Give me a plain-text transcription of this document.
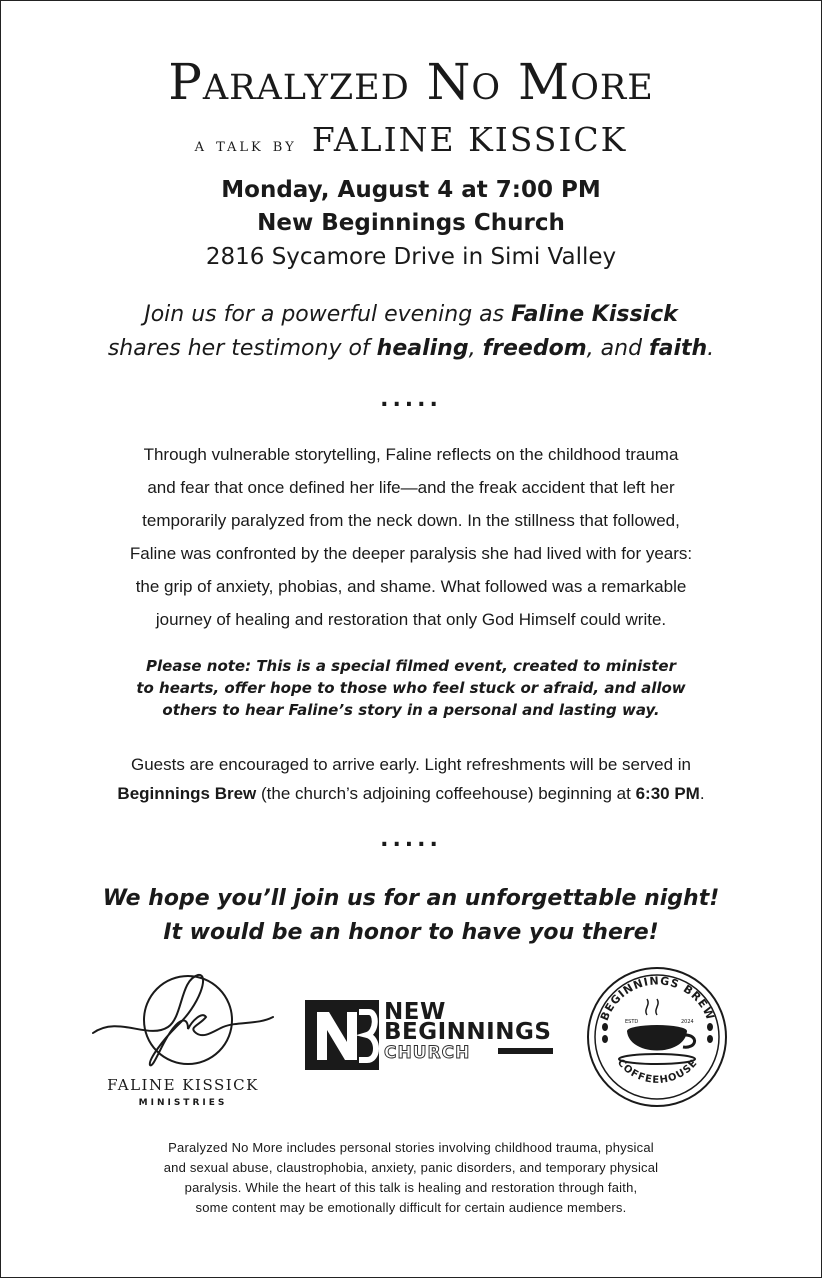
Paralyzed No More
a talk by FALINE KISSICK
Monday, August 4 at 7:00 PM
New Beginnings Church
2816 Sycamore Drive in Simi Valley
Join us for a powerful evening as Faline Kissick
shares her testimony of healing, freedom, and faith.
.....
Through vulnerable storytelling, Faline reflects on the childhood trauma
and fear that once defined her life—and the freak accident that left her
temporarily paralyzed from the neck down. In the stillness that followed,
Faline was confronted by the deeper paralysis she had lived with for years:
the grip of anxiety, phobias, and shame. What followed was a remarkable
journey of healing and restoration that only God Himself could write.
Please note: This is a special filmed event, created to minister
to hearts, offer hope to those who feel stuck or afraid, and allow
others to hear Faline’s story in a personal and lasting way.
Guests are encouraged to arrive early. Light refreshments will be served in
Beginnings Brew (the church’s adjoining coffeehouse) beginning at 6:30 PM.
.....
We hope you’ll join us for an unforgettable night!
It would be an honor to have you there!
FALINE KISSICK
MINISTRIES
NEW
BEGINNINGS
CHURCH
BEGINNINGS BREW
COFFEEHOUSE
ESTD	2024
Paralyzed No More includes personal stories involving childhood trauma, physical
and sexual abuse, claustrophobia, anxiety, panic disorders, and temporary physical
paralysis. While the heart of this talk is healing and restoration through faith,
some content may be emotionally difficult for certain audience members.
